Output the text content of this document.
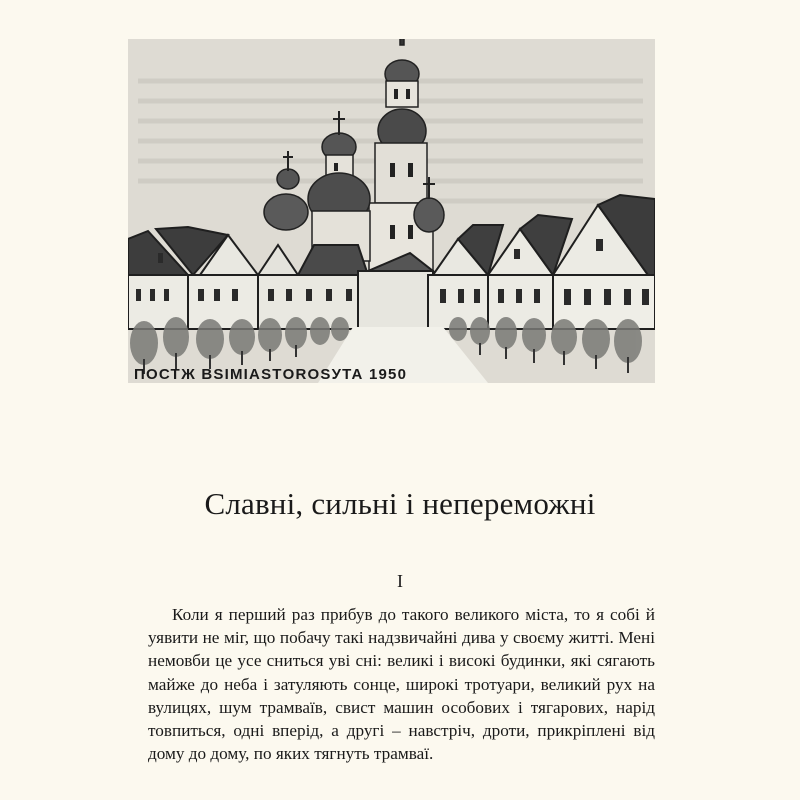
ПОСТЖ ВSIМIАSTОRОSУТА 1950
Славні, сильні і непереможні
I

Коли я перший раз прибув до такого великого міста, то я собі й уявити не міг, що побачу такі надзвичайні дива у своєму житті. Мені немовби це усе сниться уві сні: великі і високі будинки, які сягають майже до неба і затуляють сонце, широкі тротуари, великий рух на вулицях, шум трамваїв, свист машин особових і тягарових, нарід товпиться, одні вперід, а другі – навстріч, дроти, прикріплені від дому до дому, по яких тягнуть трамваї.
